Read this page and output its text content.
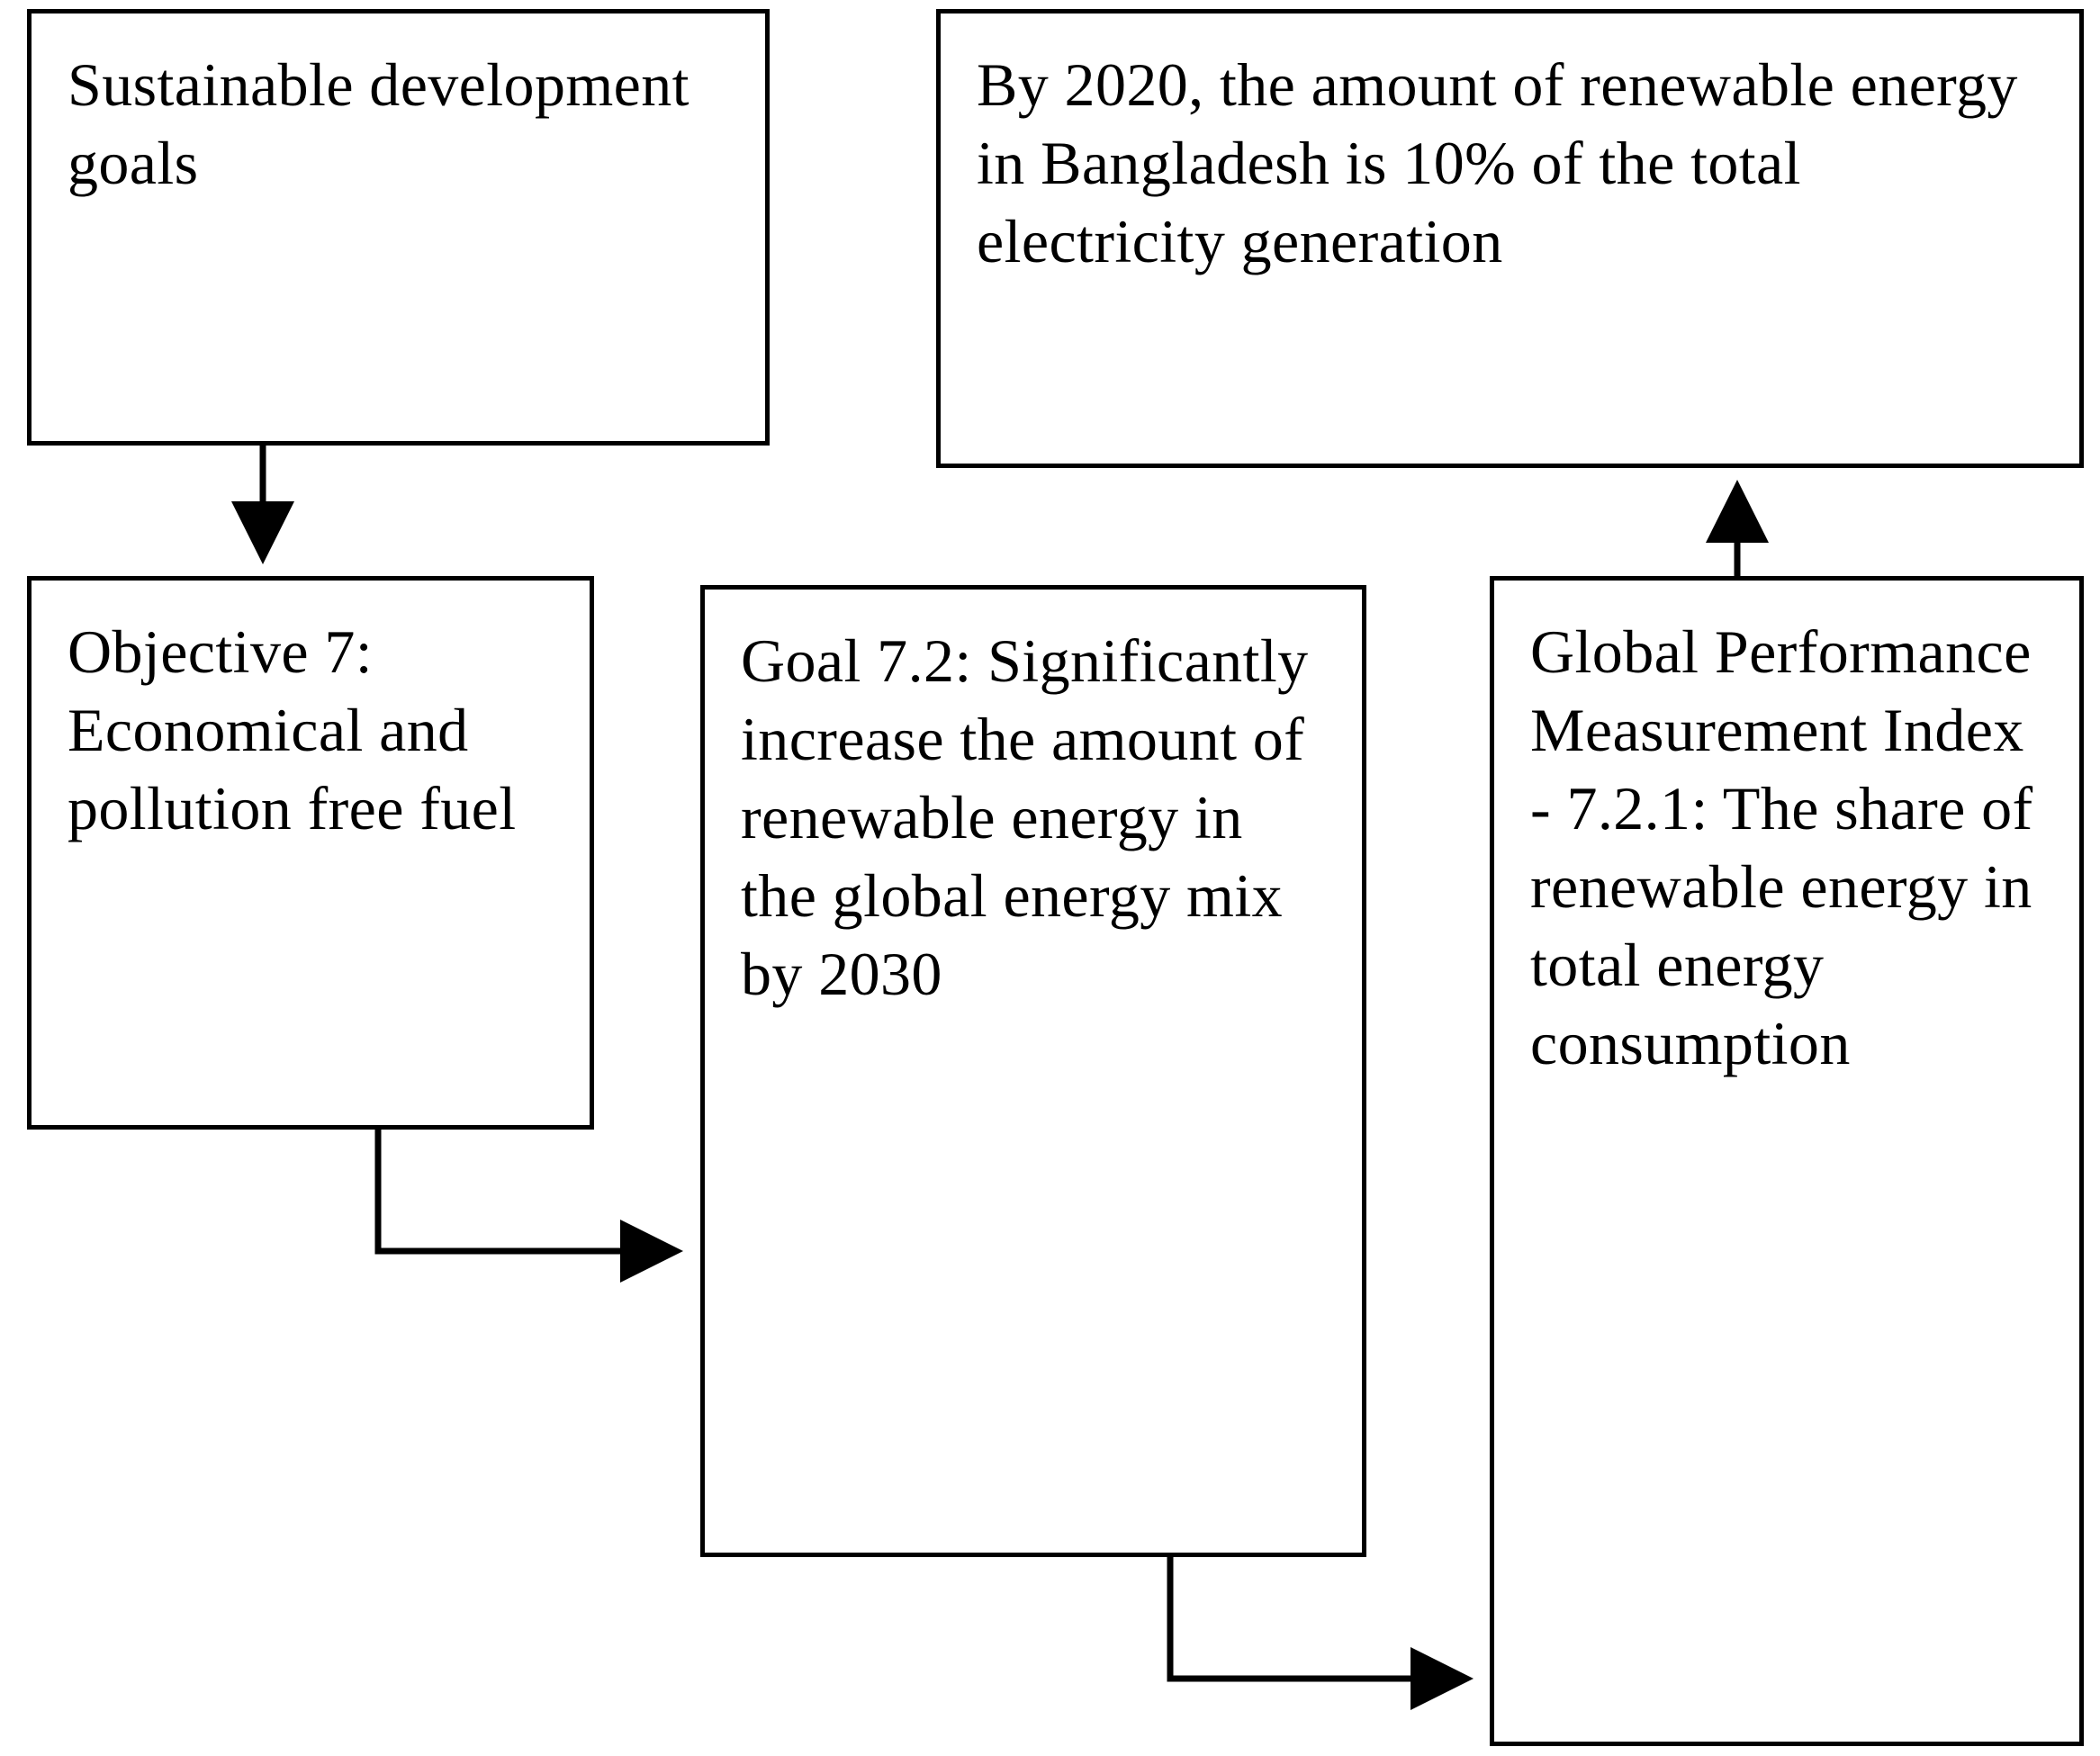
Sustainable development goals
By 2020, the amount of renewable energy in Bangladesh is 10% of the total electricity generation
Objective 7: Economical and pollution free fuel
Goal 7.2: Significantly increase the amount of renewable energy in the global energy mix by 2030
Global Performance Measurement Index - 7.2.1: The share of renewable energy in total energy consumption
